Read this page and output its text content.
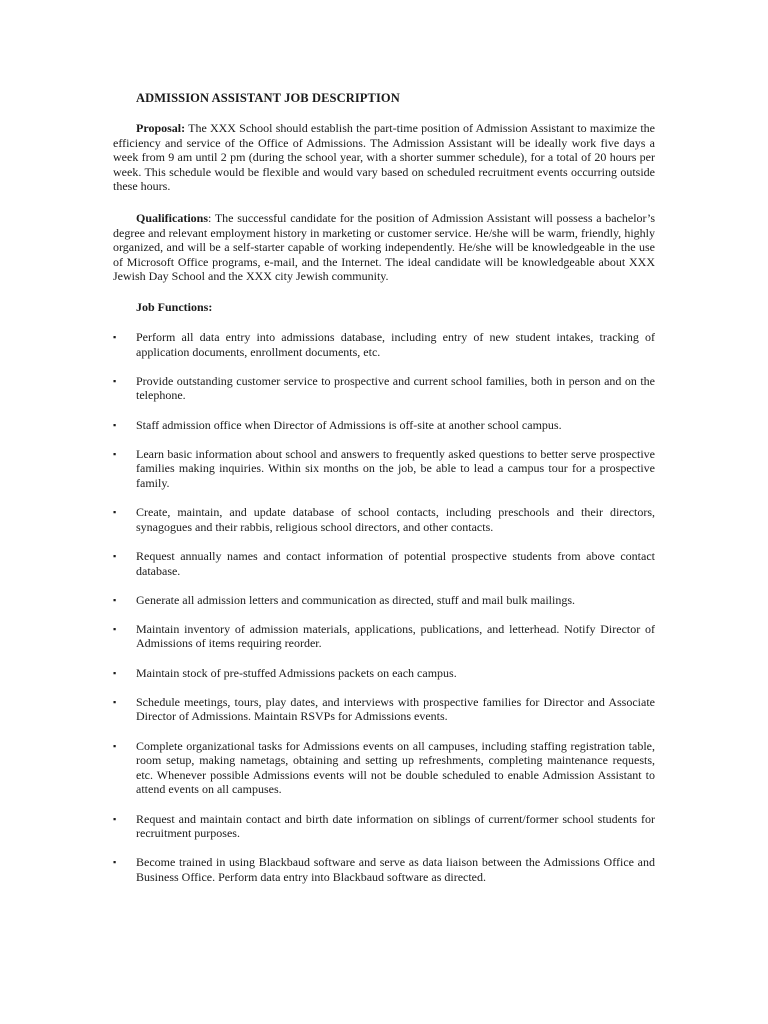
ADMISSION ASSISTANT JOB DESCRIPTION
Proposal: The XXX School should establish the part-time position of Admission Assistant to maximize the efficiency and service of the Office of Admissions. The Admission Assistant will be ideally work five days a week from 9 am until 2 pm (during the school year, with a shorter summer schedule), for a total of 20 hours per week. This schedule would be flexible and would vary based on scheduled recruitment events occurring outside these hours.
Qualifications: The successful candidate for the position of Admission Assistant will possess a bachelor’s degree and relevant employment history in marketing or customer service. He/she will be warm, friendly, highly organized, and will be a self-starter capable of working independently. He/she will be knowledgeable in the use of Microsoft Office programs, e-mail, and the Internet. The ideal candidate will be knowledgeable about XXX Jewish Day School and the XXX city Jewish community.
Job Functions:
▪	Perform all data entry into admissions database, including entry of new student intakes, tracking of application documents, enrollment documents, etc.
▪	Provide outstanding customer service to prospective and current school families, both in person and on the telephone.
▪	Staff admission office when Director of Admissions is off-site at another school campus.
▪	Learn basic information about school and answers to frequently asked questions to better serve prospective families making inquiries. Within six months on the job, be able to lead a campus tour for a prospective family.
▪	Create, maintain, and update database of school contacts, including preschools and their directors, synagogues and their rabbis, religious school directors, and other contacts.
▪	Request annually names and contact information of potential prospective students from above contact database.
▪	Generate all admission letters and communication as directed, stuff and mail bulk mailings.
▪	Maintain inventory of admission materials, applications, publications, and letterhead. Notify Director of Admissions of items requiring reorder.
▪	Maintain stock of pre-stuffed Admissions packets on each campus.
▪	Schedule meetings, tours, play dates, and interviews with prospective families for Director and Associate Director of Admissions. Maintain RSVPs for Admissions events.
▪	Complete organizational tasks for Admissions events on all campuses, including staffing registration table, room setup, making nametags, obtaining and setting up refreshments, completing maintenance requests, etc. Whenever possible Admissions events will not be double scheduled to enable Admission Assistant to attend events on all campuses.
▪	Request and maintain contact and birth date information on siblings of current/former school students for recruitment purposes.
▪	Become trained in using Blackbaud software and serve as data liaison between the Admissions Office and Business Office. Perform data entry into Blackbaud software as directed.
